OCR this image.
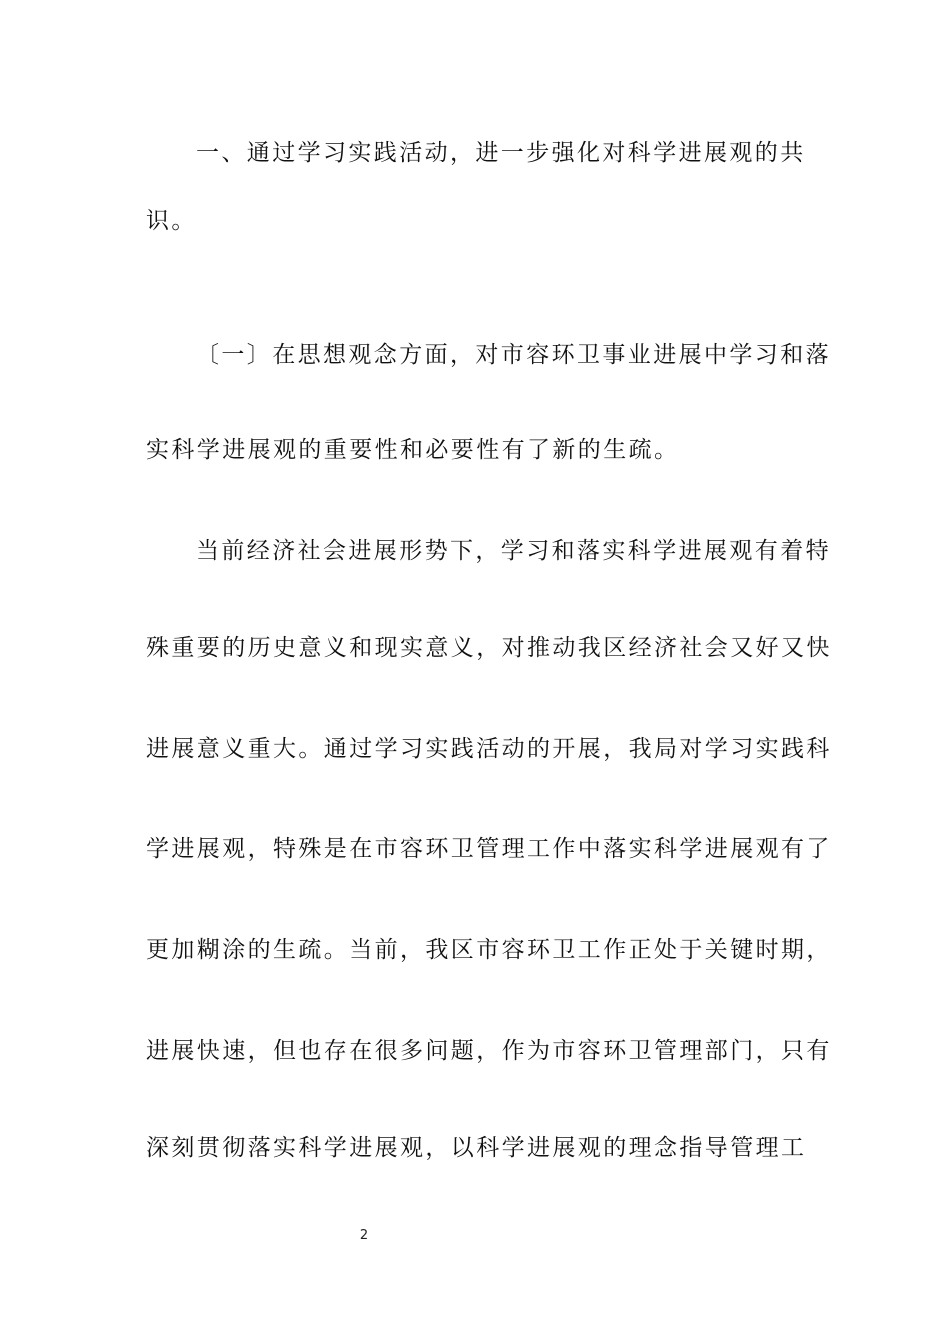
一、通过学习实践活动，进一步强化对科学进展观的共
识。
〔一〕在思想观念方面，对市容环卫事业进展中学习和落
实科学进展观的重要性和必要性有了新的生疏。
当前经济社会进展形势下，学习和落实科学进展观有着特
殊重要的历史意义和现实意义，对推动我区经济社会又好又快
进展意义重大。通过学习实践活动的开展，我局对学习实践科
学进展观，特殊是在市容环卫管理工作中落实科学进展观有了
更加糊涂的生疏。当前，我区市容环卫工作正处于关键时期，
进展快速，但也存在很多问题，作为市容环卫管理部门，只有
深刻贯彻落实科学进展观，以科学进展观的理念指导管理工
2
